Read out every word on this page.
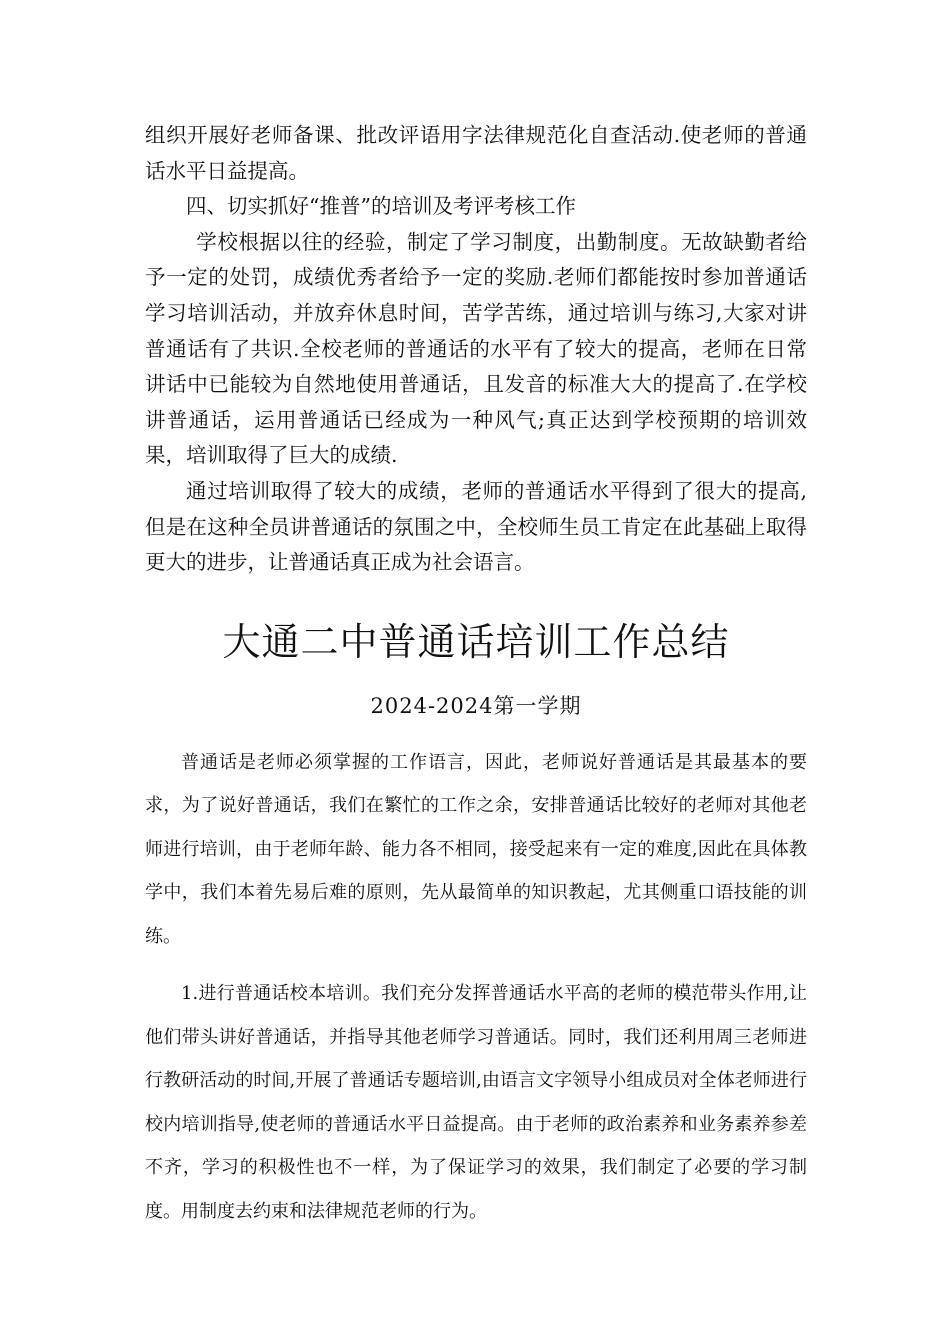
组织开展好老师备课、批改评语用字法律规范化自查活动.使老师的普通话水平日益提高。

四、切实抓好“推普”的培训及考评考核工作

学校根据以往的经验，制定了学习制度，出勤制度。无故缺勤者给予一定的处罚，成绩优秀者给予一定的奖励.老师们都能按时参加普通话学习培训活动，并放弃休息时间，苦学苦练，通过培训与练习,大家对讲普通话有了共识.全校老师的普通话的水平有了较大的提高，老师在日常讲话中已能较为自然地使用普通话，且发音的标准大大的提高了.在学校讲普通话，运用普通话已经成为一种风气;真正达到学校预期的培训效果，培训取得了巨大的成绩.

通过培训取得了较大的成绩，老师的普通话水平得到了很大的提高,但是在这种全员讲普通话的氛围之中，全校师生员工肯定在此基础上取得更大的进步，让普通话真正成为社会语言。

大通二中普通话培训工作总结
2024-2024第一学期

普通话是老师必须掌握的工作语言，因此，老师说好普通话是其最基本的要求，为了说好普通话，我们在繁忙的工作之余，安排普通话比较好的老师对其他老师进行培训，由于老师年龄、能力各不相同，接受起来有一定的难度,因此在具体教学中，我们本着先易后难的原则，先从最简单的知识教起，尤其侧重口语技能的训练。

1.进行普通话校本培训。我们充分发挥普通话水平高的老师的模范带头作用,让他们带头讲好普通话，并指导其他老师学习普通话。同时，我们还利用周三老师进行教研活动的时间,开展了普通话专题培训,由语言文字领导小组成员对全体老师进行校内培训指导,使老师的普通话水平日益提高。由于老师的政治素养和业务素养参差不齐，学习的积极性也不一样，为了保证学习的效果，我们制定了必要的学习制度。用制度去约束和法律规范老师的行为。
